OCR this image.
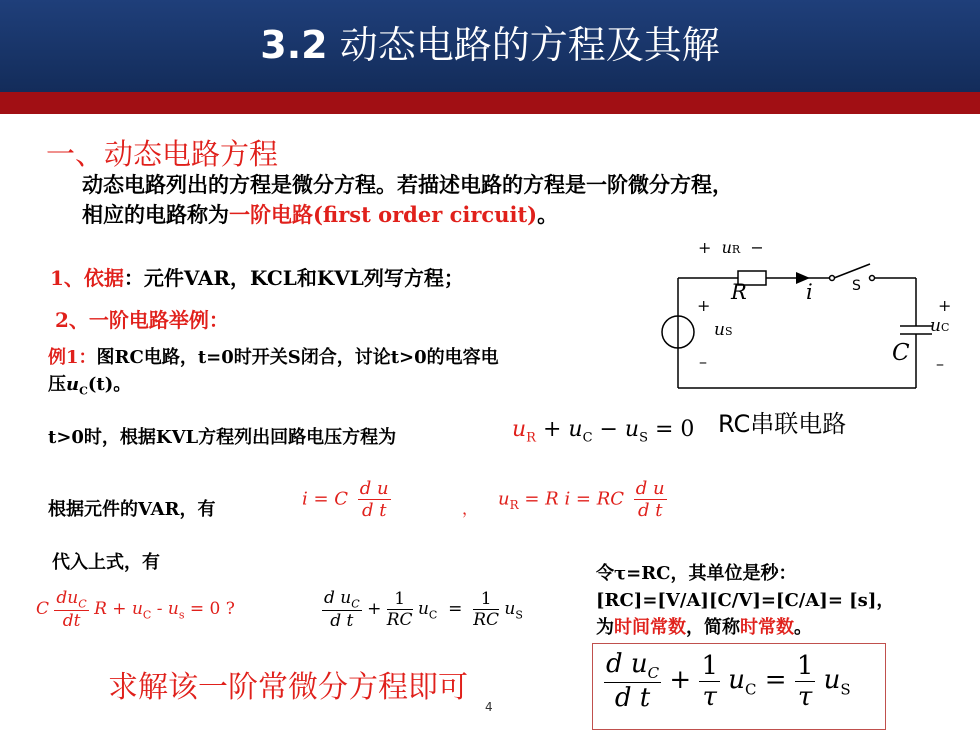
3.2 动态电路的方程及其解
一、动态电路方程
动态电路列出的方程是微分方程。若描述电路的方程是一阶微分方程，
相应的电路称为一阶电路(first order circuit)。
1、依据：元件VAR，KCL和KVL列写方程；
2、一阶电路举例：
例1：图RC电路，t=0时开关S闭合，讨论t>0的电容电
压$u_C(t)$。
+ uR −
R	i	S
+
uS
–	C
+
uC
–
RC串联电路
t>0时，根据KVL方程列出回路电压方程为	$u_R + u_C - u_S = 0$
根据元件的VAR，有	i = C $\frac{\text{d u}}{\text{d t}}$	， $u_R = R$ i = RC $\frac{\text{d u}}{\text{d t}}$
代入上式，有
C $\frac{du_C}{dt}$ $R + u_C - u_s = 0$ ?	$\frac{d u_C}{\text{d t}} + \frac{1}{RC} u_C = \frac{1}{RC} u_S$
令τ=RC，其单位是秒：
[RC]=[V/A][C/V]=[C/A]= [s]，
为时间常数，简称时常数。
$\frac{d u_C}{\text{d t}} + \frac{1}{\tau} u_C = \frac{1}{\tau} u_S$
求解该一阶常微分方程即可
4
